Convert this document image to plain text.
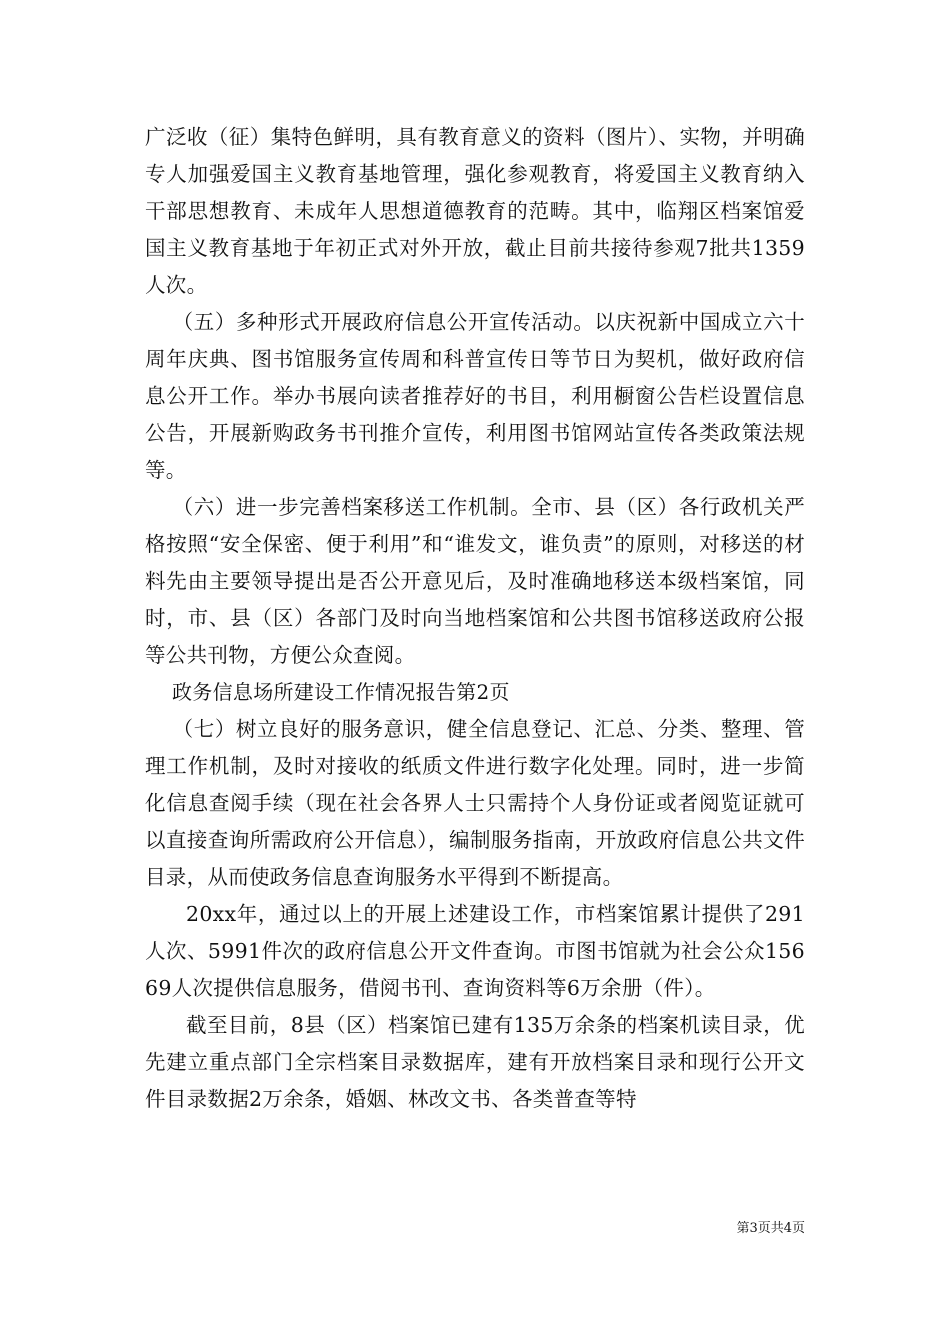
广泛收（征）集特色鲜明，具有教育意义的资料（图片）、实物，并明确专人加强爱国主义教育基地管理，强化参观教育，将爱国主义教育纳入干部思想教育、未成年人思想道德教育的范畴。其中，临翔区档案馆爱国主义教育基地于年初正式对外开放，截止目前共接待参观7批共1359人次。

（五）多种形式开展政府信息公开宣传活动。以庆祝新中国成立六十周年庆典、图书馆服务宣传周和科普宣传日等节日为契机，做好政府信息公开工作。举办书展向读者推荐好的书目，利用橱窗公告栏设置信息公告，开展新购政务书刊推介宣传，利用图书馆网站宣传各类政策法规等。

（六）进一步完善档案移送工作机制。全市、县（区）各行政机关严格按照“安全保密、便于利用”和“谁发文，谁负责”的原则，对移送的材料先由主要领导提出是否公开意见后，及时准确地移送本级档案馆，同时，市、县（区）各部门及时向当地档案馆和公共图书馆移送政府公报等公共刊物，方便公众查阅。

政务信息场所建设工作情况报告第2页

（七）树立良好的服务意识，健全信息登记、汇总、分类、整理、管理工作机制，及时对接收的纸质文件进行数字化处理。同时，进一步简化信息查阅手续（现在社会各界人士只需持个人身份证或者阅览证就可以直接查询所需政府公开信息），编制服务指南，开放政府信息公共文件目录，从而使政务信息查询服务水平得到不断提高。

20xx年，通过以上的开展上述建设工作，市档案馆累计提供了291人次、5991件次的政府信息公开文件查询。市图书馆就为社会公众15669人次提供信息服务，借阅书刊、查询资料等6万余册（件）。

截至目前，8县（区）档案馆已建有135万余条的档案机读目录，优先建立重点部门全宗档案目录数据库，建有开放档案目录和现行公开文件目录数据2万余条，婚姻、林改文书、各类普查等特

第3页共4页
